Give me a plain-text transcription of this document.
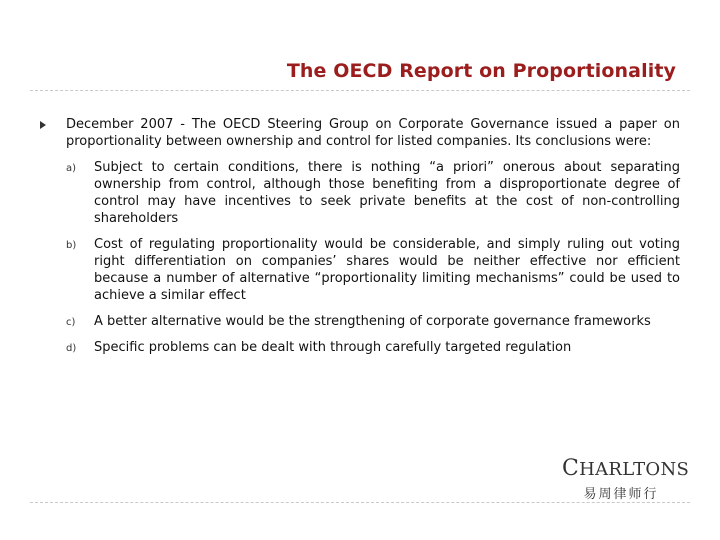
The OECD Report on Proportionality
December 2007 - The OECD Steering Group on Corporate Governance issued a paper on proportionality between ownership and control for listed companies. Its conclusions were:
a) Subject to certain conditions, there is nothing “a priori” onerous about separating ownership from control, although those benefiting from a disproportionate degree of control may have incentives to seek private benefits at the cost of non-controlling shareholders
b) Cost of regulating proportionality would be considerable, and simply ruling out voting right differentiation on companies’ shares would be neither effective nor efficient because a number of alternative “proportionality limiting mechanisms” could be used to achieve a similar effect
c) A better alternative would be the strengthening of corporate governance frameworks
d) Specific problems can be dealt with through carefully targeted regulation
CHARLTONS
易周律师行
